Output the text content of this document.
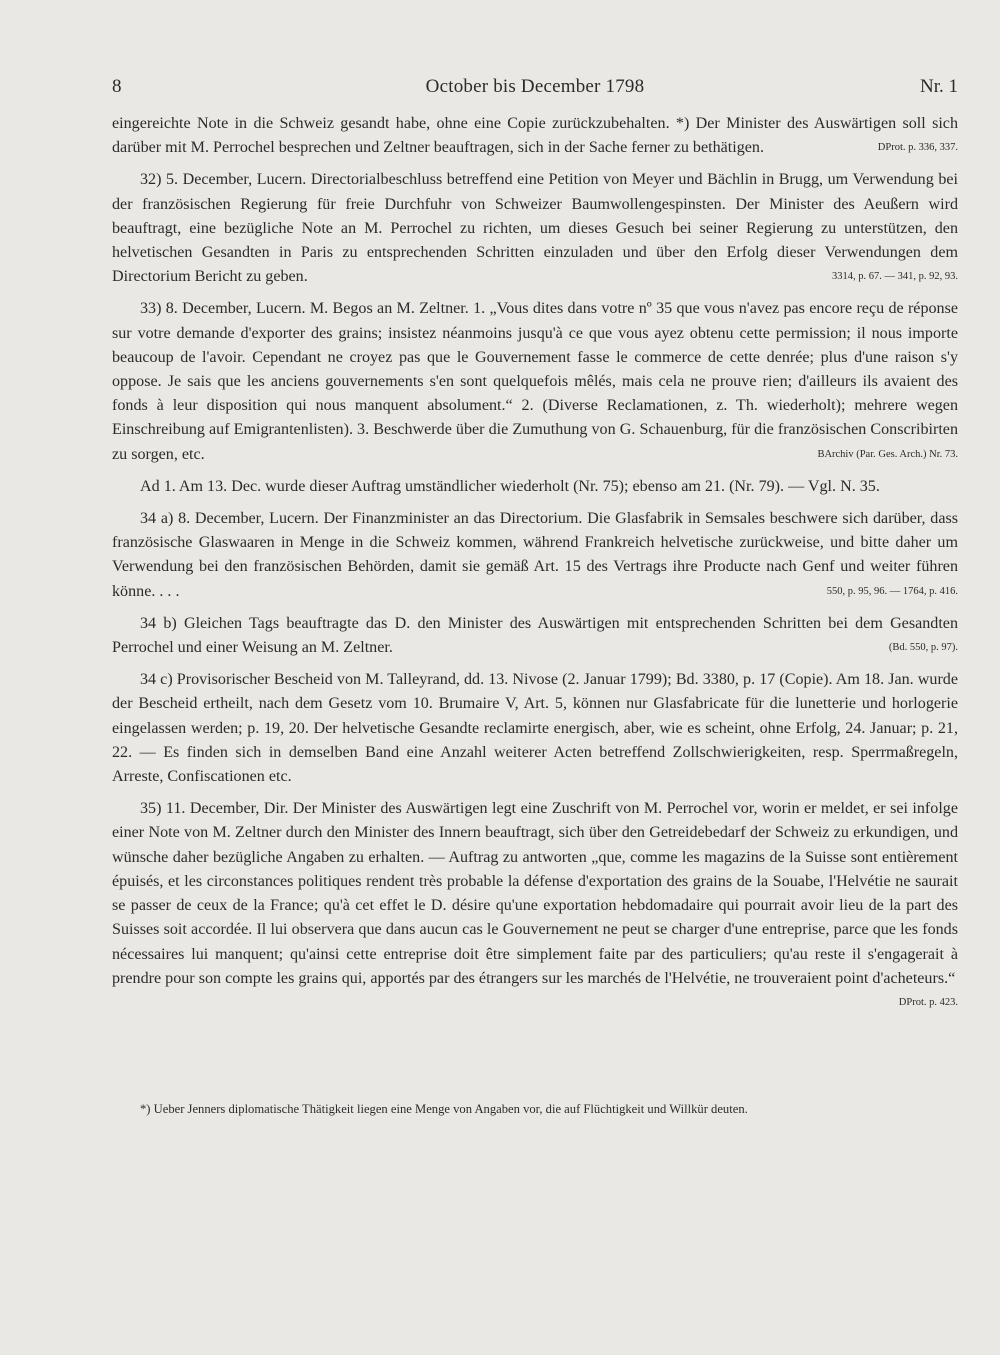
8	October bis December 1798	Nr. 1

eingereichte Note in die Schweiz gesandt habe, ohne eine Copie zurückzubehalten. *) Der Minister des Auswärtigen soll sich darüber mit M. Perrochel besprechen und Zeltner beauftragen, sich in der Sache ferner zu bethätigen.	DProt. p. 336, 337.

32) 5. December, Lucern. Directorialbeschluss betreffend eine Petition von Meyer und Bächlin in Brugg, um Verwendung bei der französischen Regierung für freie Durchfuhr von Schweizer Baumwollengespinsten. Der Minister des Aeußern wird beauftragt, eine bezügliche Note an M. Perrochel zu richten, um dieses Gesuch bei seiner Regierung zu unterstützen, den helvetischen Gesandten in Paris zu entsprechenden Schritten einzuladen und über den Erfolg dieser Verwendungen dem Directorium Bericht zu geben.	3314, p. 67. — 341, p. 92, 93.

33) 8. December, Lucern. M. Begos an M. Zeltner. 1. „Vous dites dans votre nº 35 que vous n'avez pas encore reçu de réponse sur votre demande d'exporter des grains; insistez néanmoins jusqu'à ce que vous ayez obtenu cette permission; il nous importe beaucoup de l'avoir. Cependant ne croyez pas que le Gouvernement fasse le commerce de cette denrée; plus d'une raison s'y oppose. Je sais que les anciens gouvernements s'en sont quelquefois mêlés, mais cela ne prouve rien; d'ailleurs ils avaient des fonds à leur disposition qui nous manquent absolument.“ 2. (Diverse Reclamationen, z. Th. wiederholt); mehrere wegen Einschreibung auf Emigrantenlisten). 3. Beschwerde über die Zumuthung von G. Schauenburg, für die französischen Conscribirten zu sorgen, etc.	BArchiv (Par. Ges. Arch.) Nr. 73.

Ad 1. Am 13. Dec. wurde dieser Auftrag umständlicher wiederholt (Nr. 75); ebenso am 21. (Nr. 79). — Vgl. N. 35.

34 a) 8. December, Lucern. Der Finanzminister an das Directorium. Die Glasfabrik in Semsales beschwere sich darüber, dass französische Glaswaaren in Menge in die Schweiz kommen, während Frankreich helvetische zurückweise, und bitte daher um Verwendung bei den französischen Behörden, damit sie gemäß Art. 15 des Vertrags ihre Producte nach Genf und weiter führen könne. . . .	550, p. 95, 96. — 1764, p. 416.

34 b) Gleichen Tags beauftragte das D. den Minister des Auswärtigen mit entsprechenden Schritten bei dem Gesandten Perrochel und einer Weisung an M. Zeltner.	(Bd. 550, p. 97).

34 c) Provisorischer Bescheid von M. Talleyrand, dd. 13. Nivose (2. Januar 1799); Bd. 3380, p. 17 (Copie). Am 18. Jan. wurde der Bescheid ertheilt, nach dem Gesetz vom 10. Brumaire V, Art. 5, können nur Glasfabricate für die lunetterie und horlogerie eingelassen werden; p. 19, 20. Der helvetische Gesandte reclamirte energisch, aber, wie es scheint, ohne Erfolg, 24. Januar; p. 21, 22. — Es finden sich in demselben Band eine Anzahl weiterer Acten betreffend Zollschwierigkeiten, resp. Sperrmaßregeln, Arreste, Confiscationen etc.

35) 11. December, Dir. Der Minister des Auswärtigen legt eine Zuschrift von M. Perrochel vor, worin er meldet, er sei infolge einer Note von M. Zeltner durch den Minister des Innern beauftragt, sich über den Getreidebedarf der Schweiz zu erkundigen, und wünsche daher bezügliche Angaben zu erhalten. — Auftrag zu antworten „que, comme les magazins de la Suisse sont entièrement épuisés, et les circonstances politiques rendent très probable la défense d'exportation des grains de la Souabe, l'Helvétie ne saurait se passer de ceux de la France; qu'à cet effet le D. désire qu'une exportation hebdomadaire qui pourrait avoir lieu de la part des Suisses soit accordée. Il lui observera que dans aucun cas le Gouvernement ne peut se charger d'une entreprise, parce que les fonds nécessaires lui manquent; qu'ainsi cette entreprise doit être simplement faite par des particuliers; qu'au reste il s'engagerait à prendre pour son compte les grains qui, apportés par des étrangers sur les marchés de l'Helvétie, ne trouveraient point d'acheteurs.“
DProt. p. 423.

*) Ueber Jenners diplomatische Thätigkeit liegen eine Menge von Angaben vor, die auf Flüchtigkeit und Willkür deuten.
